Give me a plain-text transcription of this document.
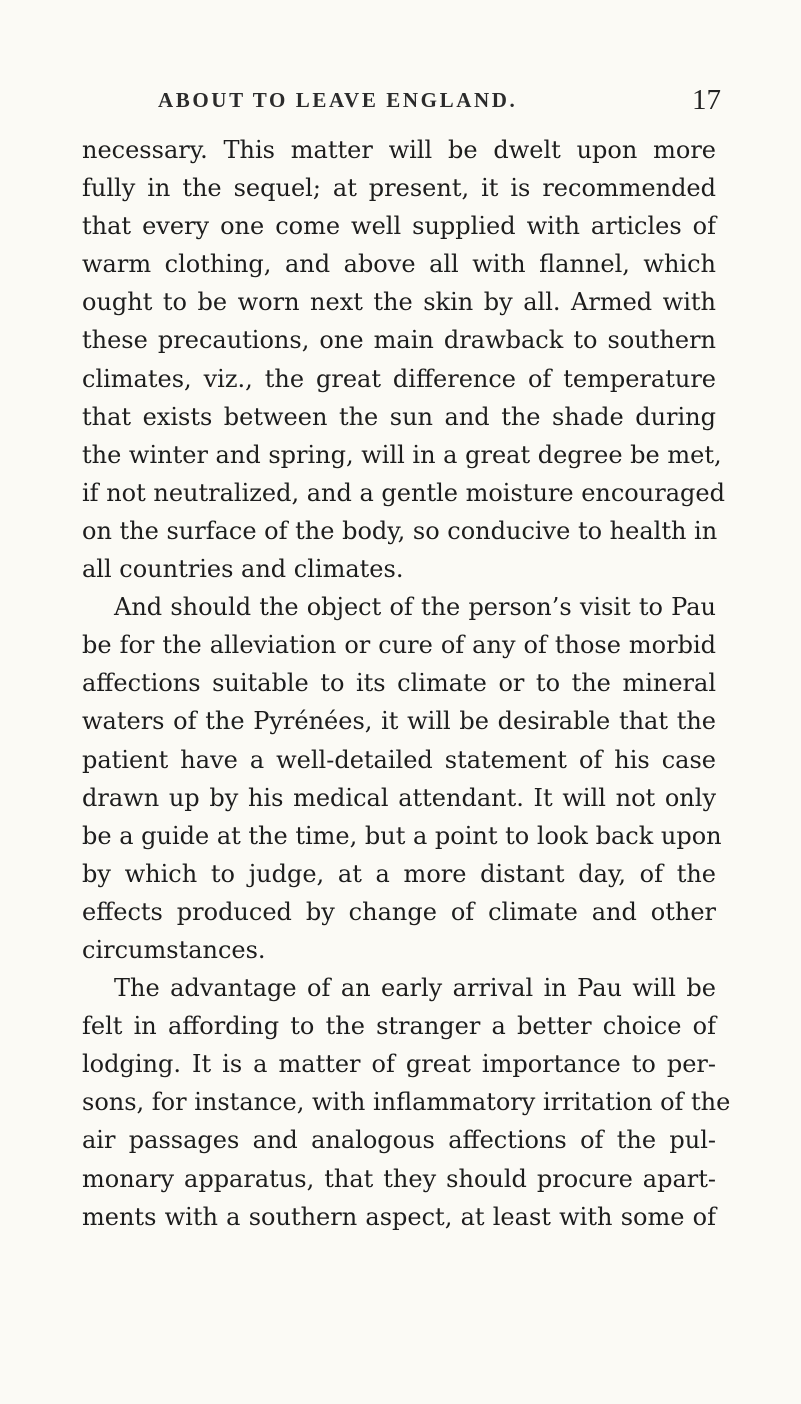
ABOUT TO LEAVE ENGLAND.	17
necessary. This matter will be dwelt upon more
fully in the sequel; at present, it is recommended
that every one come well supplied with articles of
warm clothing, and above all with flannel, which
ought to be worn next the skin by all. Armed with
these precautions, one main drawback to southern
climates, viz., the great difference of temperature
that exists between the sun and the shade during
the winter and spring, will in a great degree be met,
if not neutralized, and a gentle moisture encouraged
on the surface of the body, so conducive to health in
all countries and climates.
And should the object of the person’s visit to Pau
be for the alleviation or cure of any of those morbid
affections suitable to its climate or to the mineral
waters of the Pyrénées, it will be desirable that the
patient have a well-detailed statement of his case
drawn up by his medical attendant. It will not only
be a guide at the time, but a point to look back upon
by which to judge, at a more distant day, of the
effects produced by change of climate and other
circumstances.
The advantage of an early arrival in Pau will be
felt in affording to the stranger a better choice of
lodging. It is a matter of great importance to per-
sons, for instance, with inflammatory irritation of the
air passages and analogous affections of the pul-
monary apparatus, that they should procure apart-
ments with a southern aspect, at least with some of
